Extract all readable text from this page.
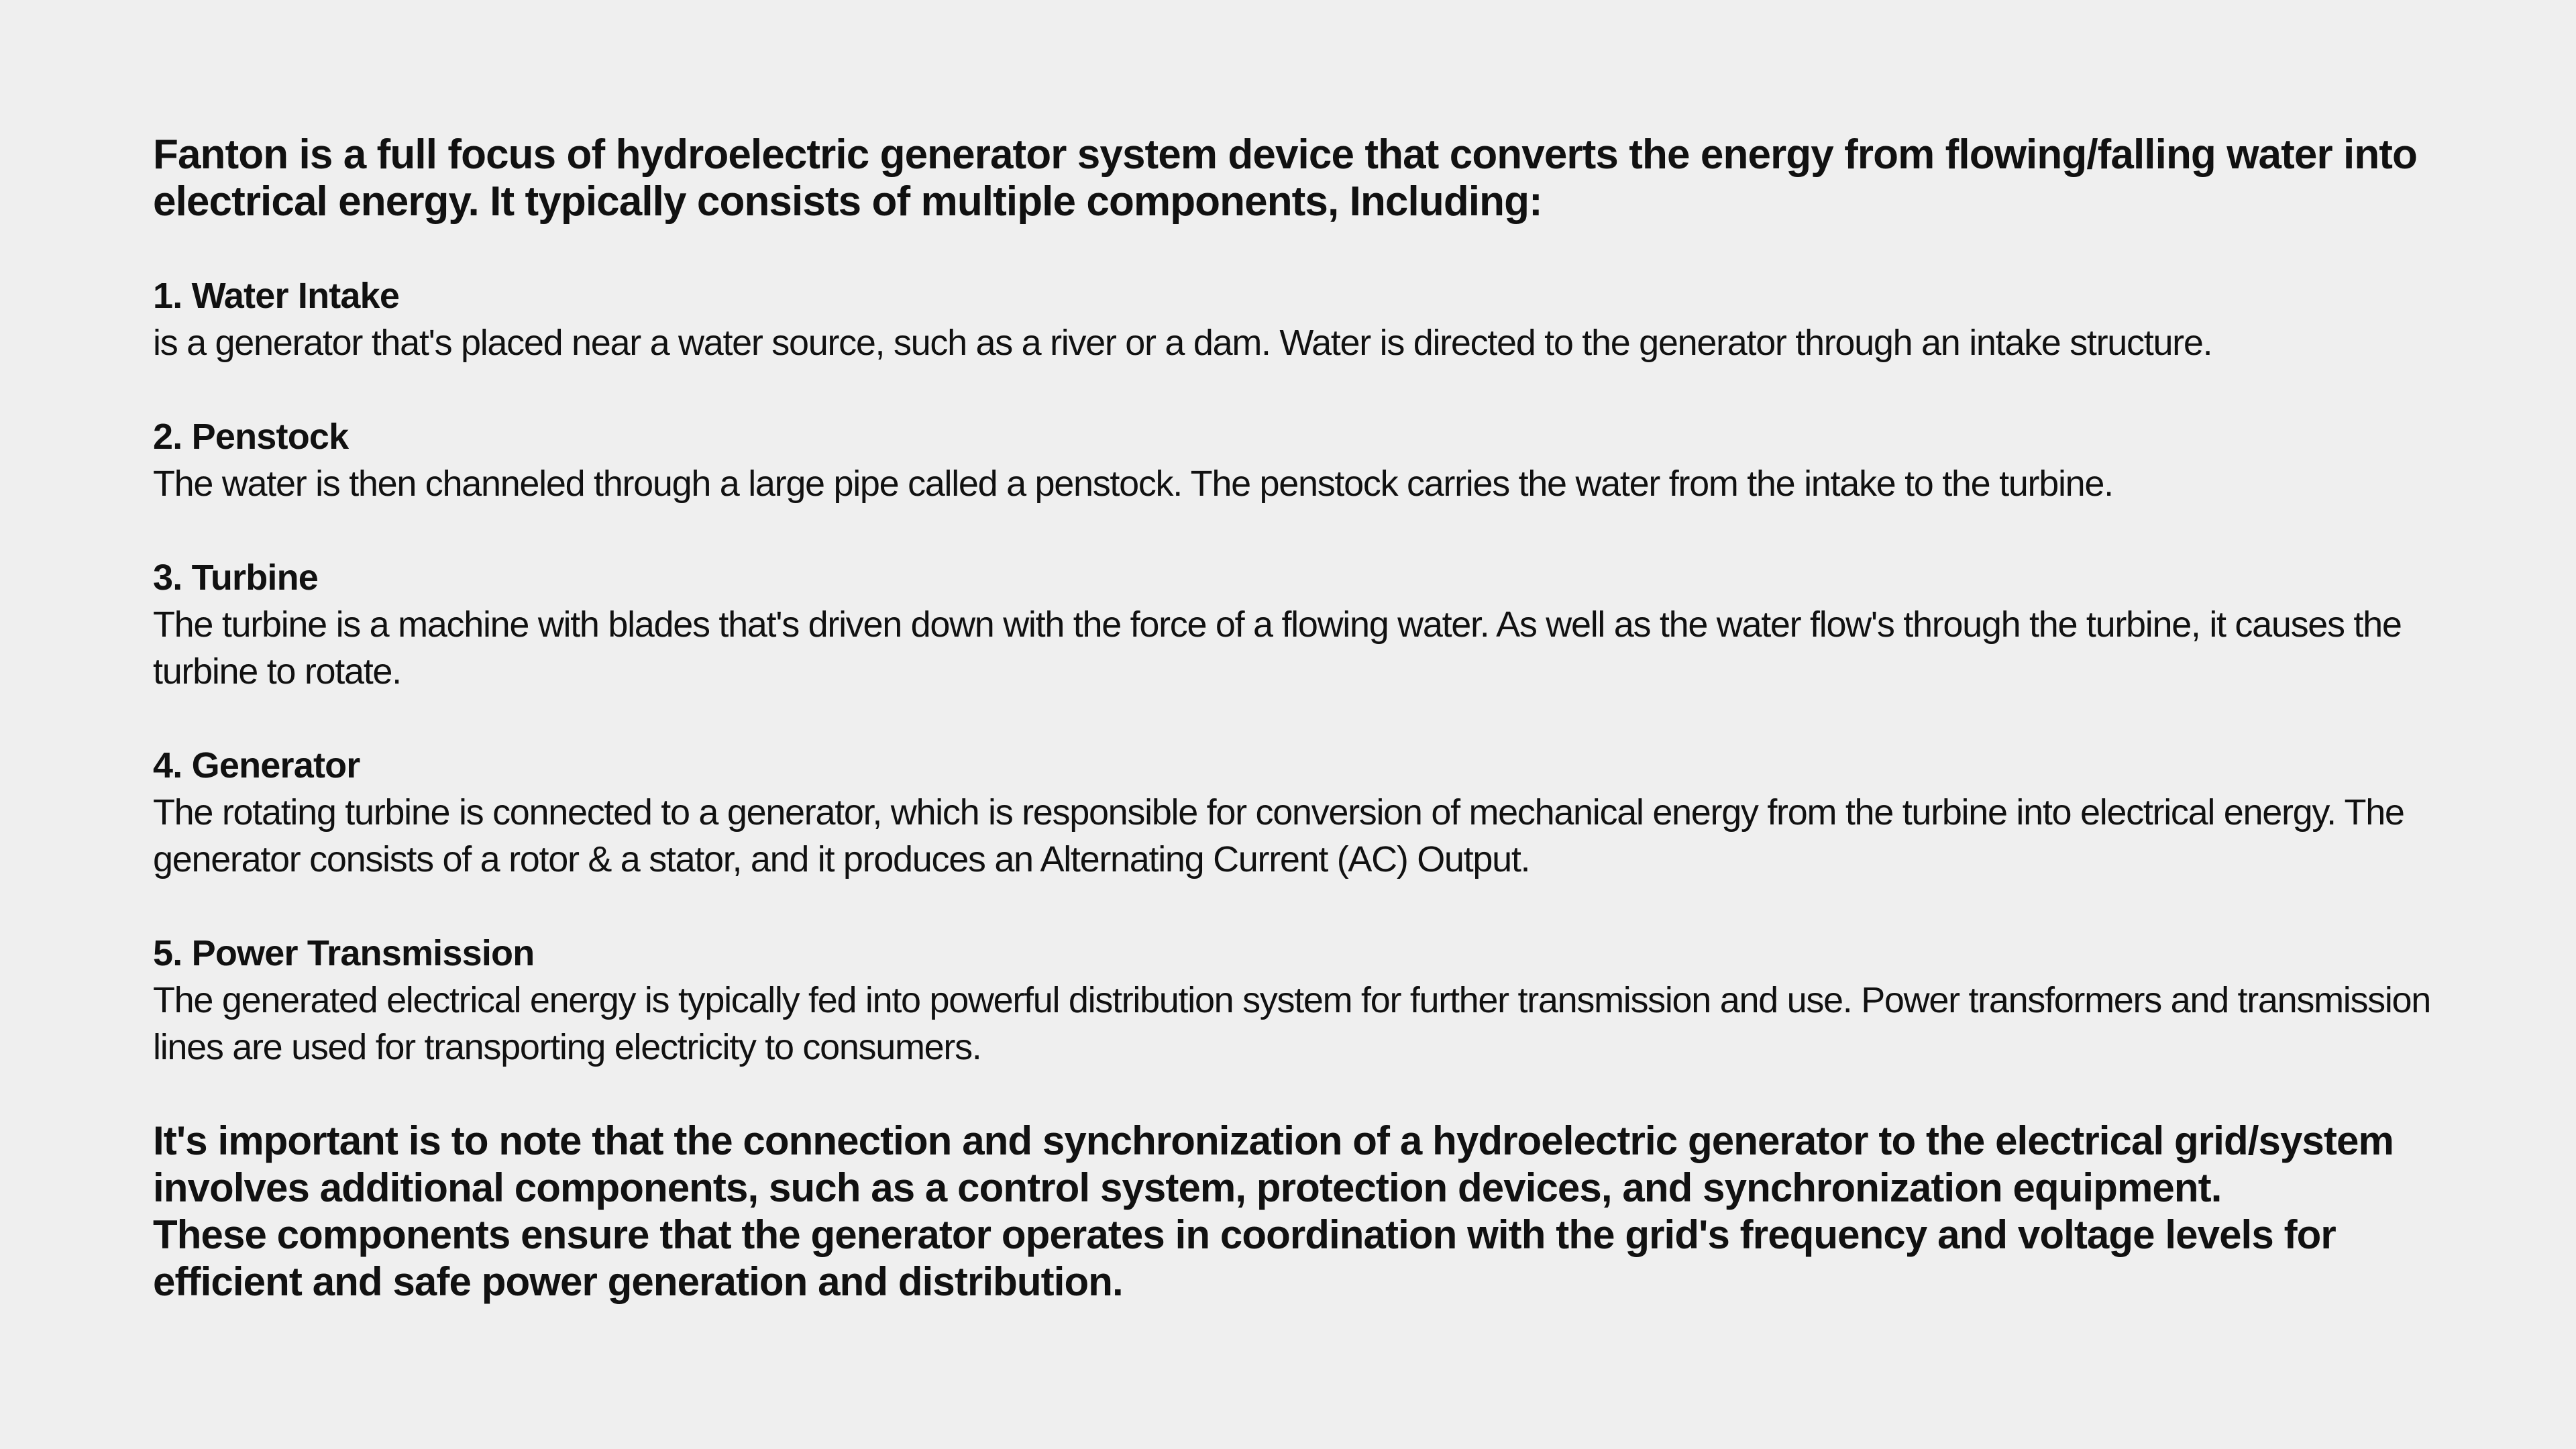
Fanton is a full focus of hydroelectric generator system device that converts the energy from flowing/falling water into electrical energy. It typically consists of multiple components, Including:

1. Water Intake

is a generator that's placed near a water source, such as a river or a dam. Water is directed to the generator through an intake structure.

2. Penstock

The water is then channeled through a large pipe called a penstock. The penstock carries the water from the intake to the turbine.

3. Turbine

The turbine is a machine with blades that's driven down with the force of a flowing water. As well as the water flow's through the turbine, it causes the turbine to rotate.

4. Generator

The rotating turbine is connected to a generator, which is responsible for conversion of mechanical energy from the turbine into electrical energy. The generator consists of a rotor & a stator, and it produces an Alternating Current (AC) Output.

5. Power Transmission

The generated electrical energy is typically fed into powerful distribution system for further transmission and use. Power transformers and transmission lines are used for transporting electricity to consumers.

It's important is to note that the connection and synchronization of a hydroelectric generator to the electrical grid/system involves additional components, such as a control system, protection devices, and synchronization equipment.

These components ensure that the generator operates in coordination with the grid's frequency and voltage levels for efficient and safe power generation and distribution.
